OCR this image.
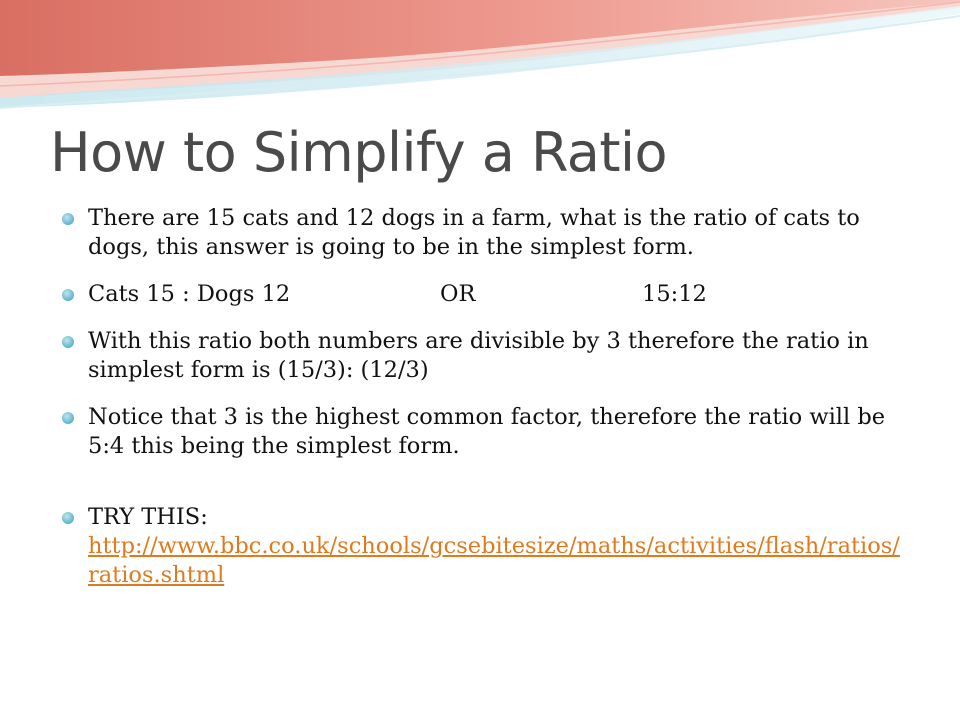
How to Simplify a Ratio
There are 15 cats and 12 dogs in a farm, what is the ratio of cats to dogs, this answer is going to be in the simplest form.
Cats 15 : Dogs 12	OR	15:12
With this ratio both numbers are divisible by 3 therefore the ratio in simplest form is (15/3): (12/3)
Notice that 3 is the highest common factor, therefore the ratio will be 5:4 this being the simplest form.
TRY THIS:
http://www.bbc.co.uk/schools/gcsebitesize/maths/activities/flash/ratios/ratios.shtml
